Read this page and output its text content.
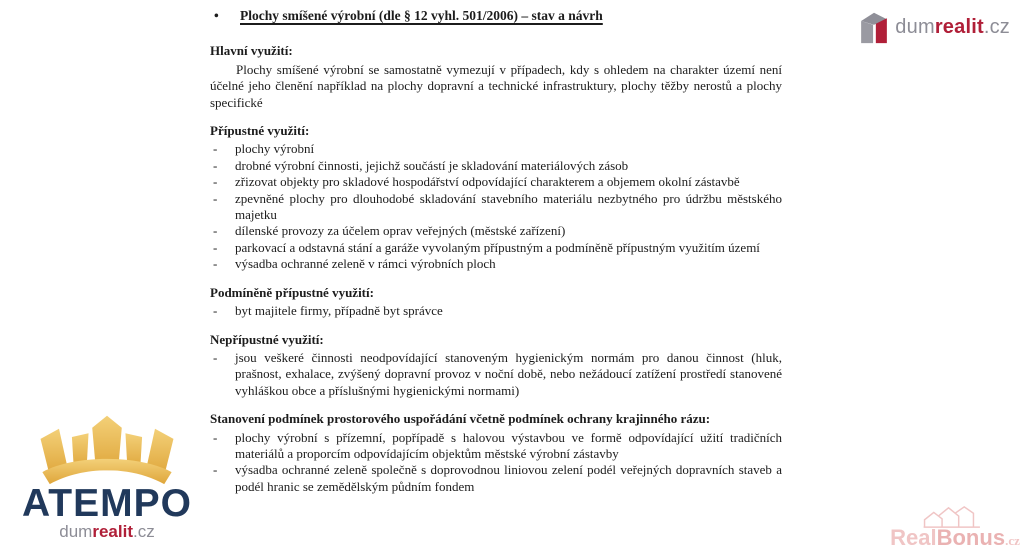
dumrealit.cz
•	Plochy smíšené výrobní (dle § 12 vyhl. 501/2006) – stav a návrh
Hlavní využití:

Plochy smíšené výrobní se samostatně vymezují v případech, kdy s ohledem na charakter území není účelné jeho členění například na plochy dopravní a technické infrastruktury, plochy těžby nerostů a plochy specifické

Přípustné využití:
-	plochy výrobní
-	drobné výrobní činnosti, jejichž součástí je skladování materiálových zásob
-	zřizovat objekty pro skladové hospodářství odpovídající charakterem a objemem okolní zástavbě
-	zpevněné plochy pro dlouhodobé skladování stavebního materiálu nezbytného pro údržbu městského majetku
-	dílenské provozy za účelem oprav veřejných (městské zařízení)
-	parkovací a odstavná stání a garáže vyvolaným přípustným a podmíněně přípustným využitím území
-	výsadba ochranné zeleně v rámci výrobních ploch
Podmíněně přípustné využití:
-	byt majitele firmy, případně byt správce
Nepřípustné využití:
-	jsou veškeré činnosti neodpovídající stanoveným hygienickým normám pro danou činnost (hluk, prašnost, exhalace, zvýšený dopravní provoz v noční době, nebo nežádoucí zatížení prostředí stanovené vyhláškou obce a příslušnými hygienickými normami)
Stanovení podmínek prostorového uspořádání včetně podmínek ochrany krajinného rázu:
-	plochy výrobní s přízemní, popřípadě s halovou výstavbou ve formě odpovídající užití tradičních materiálů a proporcím odpovídajícím objektům městské výrobní zástavby
-	výsadba ochranné zeleně společně s doprovodnou liniovou zelení podél veřejných dopravních staveb a podél hranic se zemědělským půdním fondem
ATEMPO
dumrealit.cz	RealBonus.cz
